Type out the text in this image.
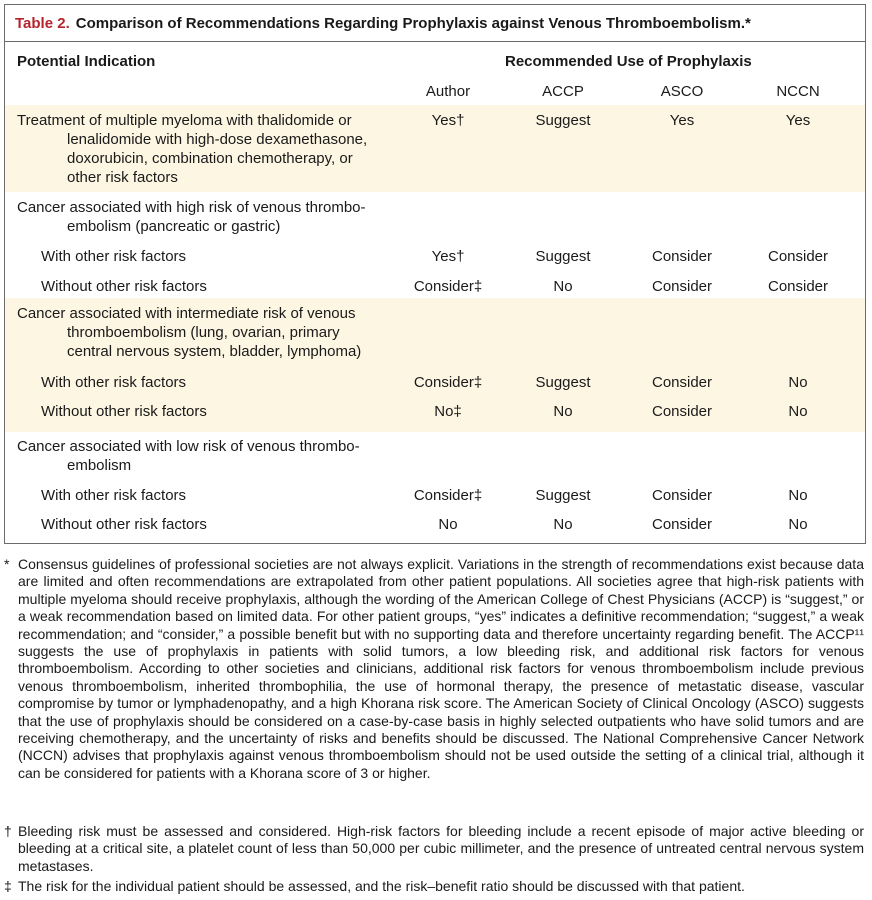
Table 2. Comparison of Recommendations Regarding Prophylaxis against Venous Thromboembolism.*
Potential Indication	Recommended Use of Prophylaxis
Author	ACCP	ASCO	NCCN
Treatment of multiple myeloma with thalidomide or
lenalidomide with high-dose dexamethasone,
doxorubicin, combination chemotherapy, or
other risk factors
Yes†	Suggest	Yes	Yes
Cancer associated with high risk of venous thrombo-
embolism (pancreatic or gastric)
With other risk factors	Yes†	Suggest	Consider	Consider
Without other risk factors	Consider‡	No	Consider	Consider
Cancer associated with intermediate risk of venous
thromboembolism (lung, ovarian, primary
central nervous system, bladder, lymphoma)
With other risk factors	Consider‡	Suggest	Consider	No
Without other risk factors	No‡	No	Consider	No
Cancer associated with low risk of venous thrombo-
embolism
With other risk factors	Consider‡	Suggest	Consider	No
Without other risk factors	No	No	Consider	No
* Consensus guidelines of professional societies are not always explicit. Variations in the strength of recommendations exist because data are limited and often recommendations are extrapolated from other patient populations. All societies agree that high-risk patients with multiple myeloma should receive prophylaxis, although the wording of the American College of Chest Physicians (ACCP) is “suggest,” or a weak recommendation based on limited data. For other patient groups, “yes” indicates a definitive recommendation; “suggest,” a weak recommendation; and “consider,” a possible benefit but with no supporting data and therefore uncertainty regarding benefit. The ACCP¹¹ suggests the use of prophylaxis in patients with solid tumors, a low bleeding risk, and additional risk factors for venous thromboembolism. According to other societies and clinicians, additional risk factors for venous thromboembolism include previous venous thromboembolism, inherited thrombophilia, the use of hormonal therapy, the presence of metastatic disease, vascular compromise by tumor or lymphadenopathy, and a high Khorana risk score. The American Society of Clinical Oncology (ASCO) suggests that the use of prophylaxis should be considered on a case-by-case basis in highly selected outpatients who have solid tumors and are receiving chemotherapy, and the uncertainty of risks and benefits should be discussed. The National Comprehensive Cancer Network (NCCN) advises that prophylaxis against venous thromboembolism should not be used outside the setting of a clinical trial, although it can be considered for patients with a Khorana score of 3 or higher.
† Bleeding risk must be assessed and considered. High-risk factors for bleeding include a recent episode of major active bleeding or bleeding at a critical site, a platelet count of less than 50,000 per cubic millimeter, and the presence of untreated central nervous system metastases.
‡ The risk for the individual patient should be assessed, and the risk–benefit ratio should be discussed with that patient.
